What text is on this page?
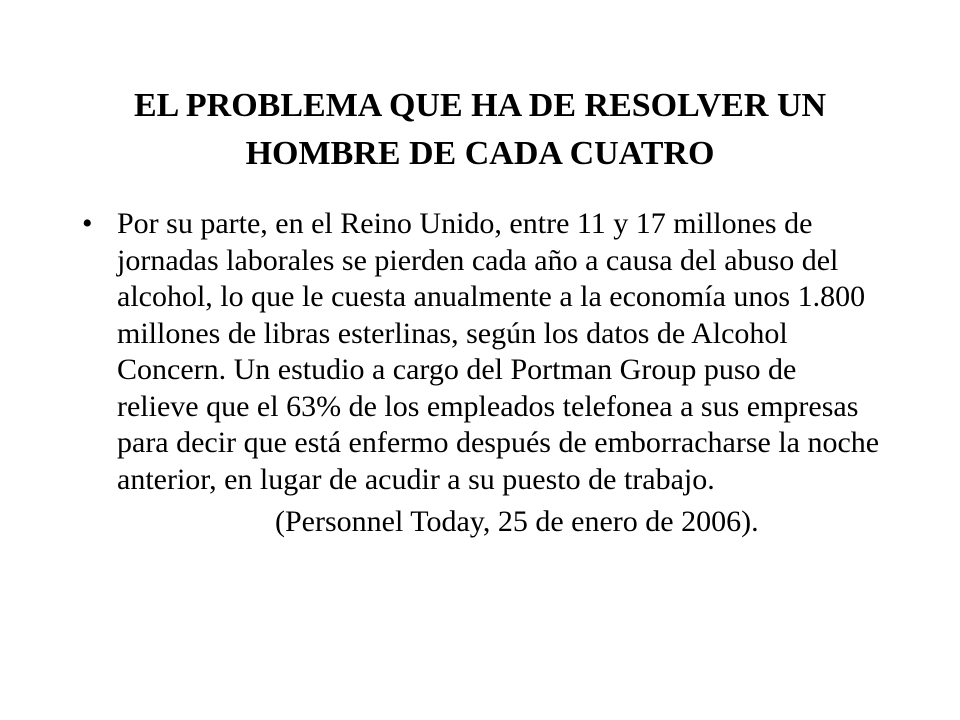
EL PROBLEMA QUE HA DE RESOLVER UN
HOMBRE DE CADA CUATRO
• Por su parte, en el Reino Unido, entre 11 y 17 millones de jornadas laborales se pierden cada año a causa del abuso del alcohol, lo que le cuesta anualmente a la economía unos 1.800 millones de libras esterlinas, según los datos de Alcohol Concern. Un estudio a cargo del Portman Group puso de relieve que el 63% de los empleados telefonea a sus empresas para decir que está enfermo después de emborracharse la noche anterior, en lugar de acudir a su puesto de trabajo.
(Personnel Today, 25 de enero de 2006).
